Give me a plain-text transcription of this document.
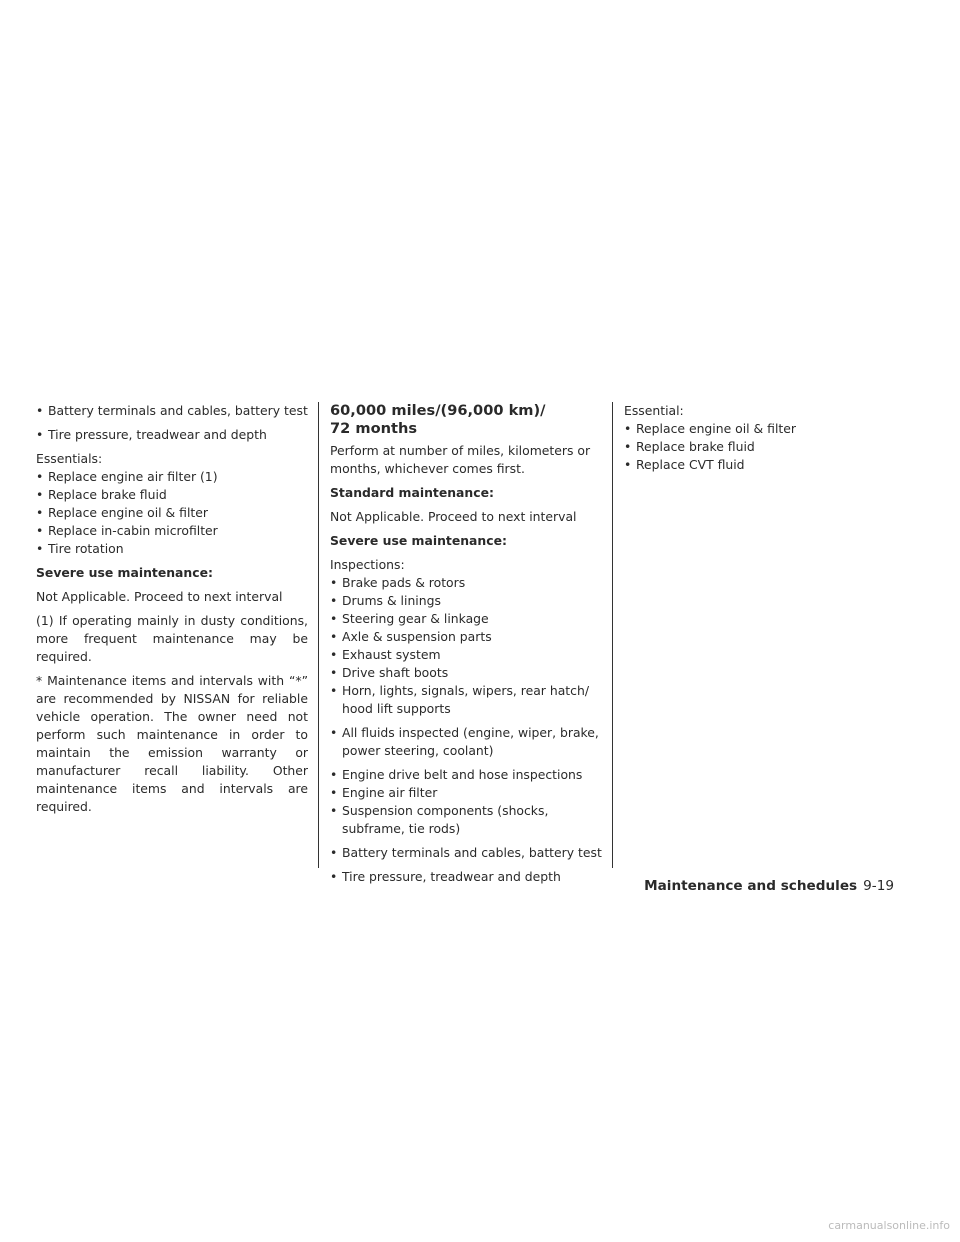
• Battery terminals and cables, battery test
• Tire pressure, treadwear and depth
Essentials:
• Replace engine air filter (1)
• Replace brake fluid
• Replace engine oil & filter
• Replace in-cabin microfilter
• Tire rotation
Severe use maintenance:
Not Applicable. Proceed to next interval
(1) If operating mainly in dusty conditions, more frequent maintenance may be required.
* Maintenance items and intervals with “*” are recommended by NISSAN for reliable vehicle operation. The owner need not perform such maintenance in order to maintain the emission warranty or manufacturer recall liability. Other maintenance items and intervals are required.
60,000 miles/(96,000 km)/
72 months
Perform at number of miles, kilometers or months, whichever comes first.
Standard maintenance:
Not Applicable. Proceed to next interval
Severe use maintenance:
Inspections:
• Brake pads & rotors
• Drums & linings
• Steering gear & linkage
• Axle & suspension parts
• Exhaust system
• Drive shaft boots
• Horn, lights, signals, wipers, rear hatch/ hood lift supports
• All fluids inspected (engine, wiper, brake, power steering, coolant)
• Engine drive belt and hose inspections
• Engine air filter
• Suspension components (shocks, subframe, tie rods)
• Battery terminals and cables, battery test
• Tire pressure, treadwear and depth
Essential:
• Replace engine oil & filter
• Replace brake fluid
• Replace CVT fluid
Maintenance and schedules 9-19
carmanualsonline.info
